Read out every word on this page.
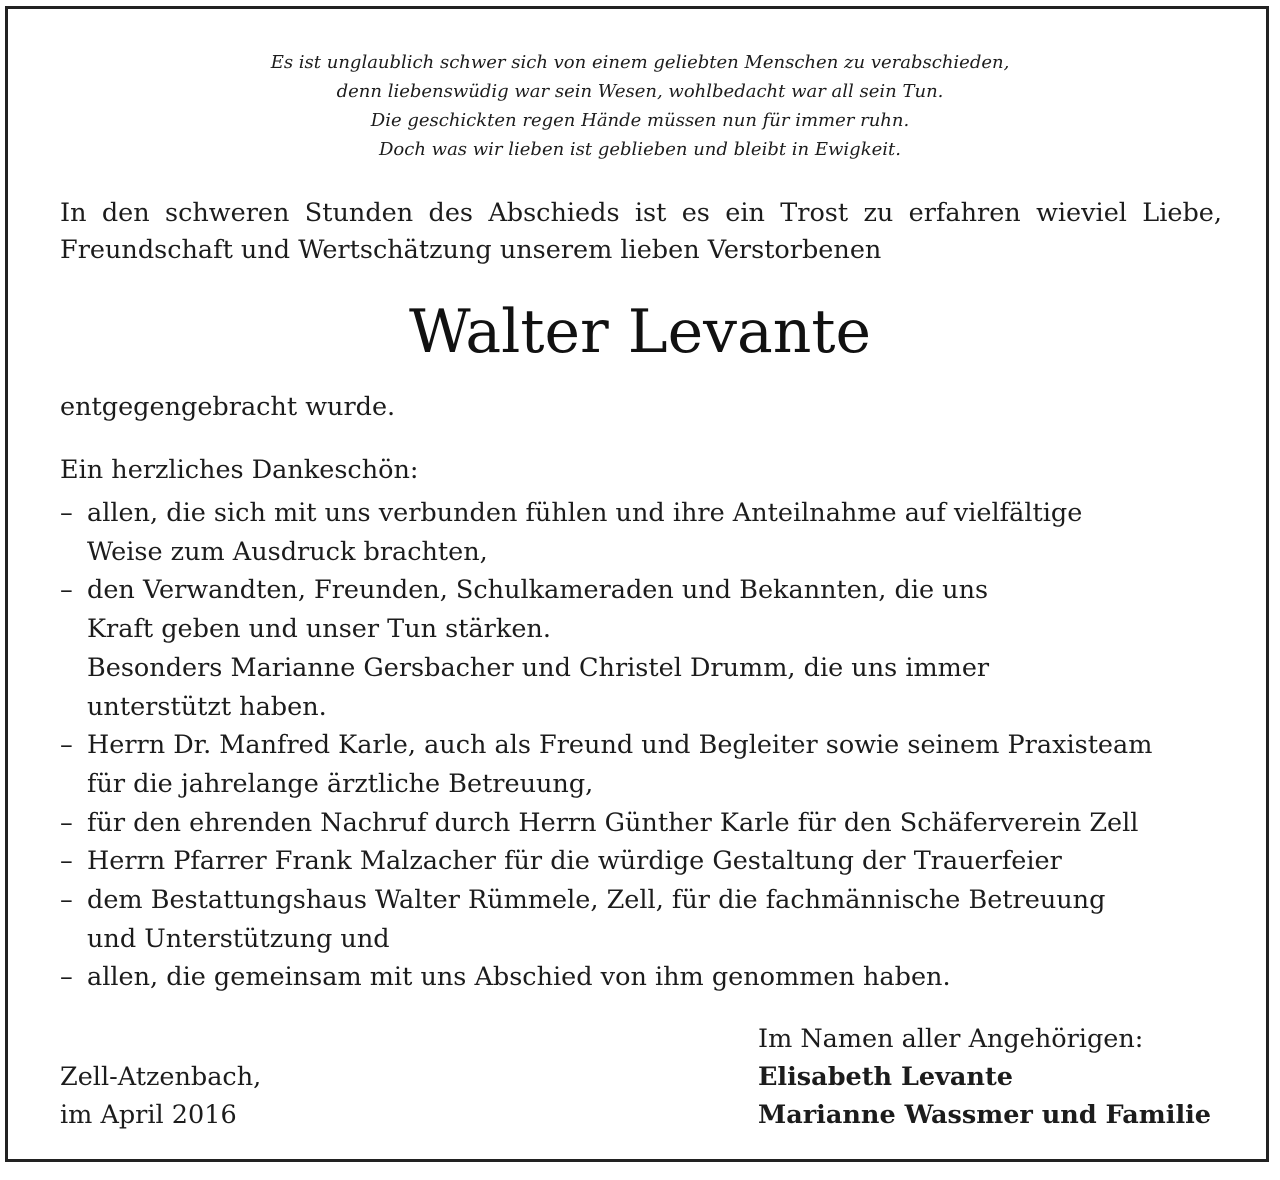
Es ist unglaublich schwer sich von einem geliebten Menschen zu verabschieden,
denn liebenswüdig war sein Wesen, wohlbedacht war all sein Tun.
Die geschickten regen Hände müssen nun für immer ruhn.
Doch was wir lieben ist geblieben und bleibt in Ewigkeit.
In den schweren Stunden des Abschieds ist es ein Trost zu erfahren wieviel Liebe, Freundschaft und Wertschätzung unserem lieben Verstorbenen
Walter Levante
entgegengebracht wurde.
Ein herzliches Dankeschön:
– allen, die sich mit uns verbunden fühlen und ihre Anteilnahme auf vielfältige
Weise zum Ausdruck brachten,
– den Verwandten, Freunden, Schulkameraden und Bekannten, die uns
Kraft geben und unser Tun stärken.
Besonders Marianne Gersbacher und Christel Drumm, die uns immer
unterstützt haben.
– Herrn Dr. Manfred Karle, auch als Freund und Begleiter sowie seinem Praxisteam
für die jahrelange ärztliche Betreuung,
– für den ehrenden Nachruf durch Herrn Günther Karle für den Schäferverein Zell
– Herrn Pfarrer Frank Malzacher für die würdige Gestaltung der Trauerfeier
– dem Bestattungshaus Walter Rümmele, Zell, für die fachmännische Betreuung
und Unterstützung und
– allen, die gemeinsam mit uns Abschied von ihm genommen haben.
Zell-Atzenbach,
im April 2016
Im Namen aller Angehörigen:
Elisabeth Levante
Marianne Wassmer und Familie
